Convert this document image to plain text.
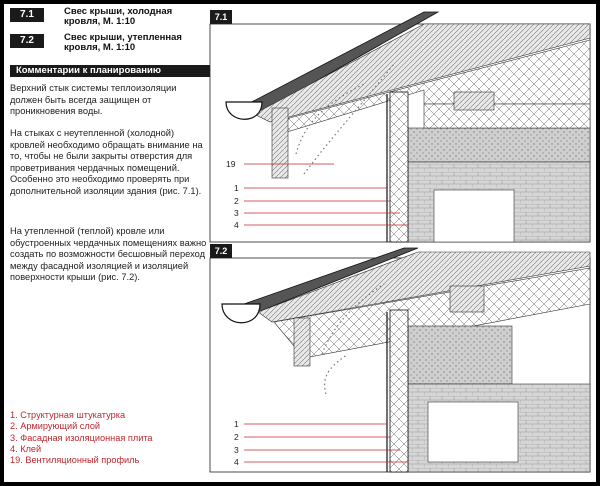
7.1	Свес крыши, холодная
кровля, М. 1:10
7.2	Свес крыши, утепленная
кровля, М. 1:10
Комментарии к планированию
Верхний стык системы теплоизоляции должен быть всегда защищен от проникновения воды.
На стыках с неутепленной (холодной) кровлей необходимо обращать внимание на то, чтобы не были закрыты отверстия для проветривания чердачных помещений. Особенно это необходимо проверять при дополнительной изоляции здания (рис. 7.1).
На утепленной (теплой) кровле или обустроенных чердачных помещениях важно создать по возможности бесшовный переход между фасадной изоляцией и изоляцией поверхности крыши (рис. 7.2).
1. Структурная штукатурка
2. Армирующий слой
3. Фасадная изоляционная плита
4. Клей
19. Вентиляционный профиль
7.1
19
1
2
3
4
1
2
3
4
7.2
